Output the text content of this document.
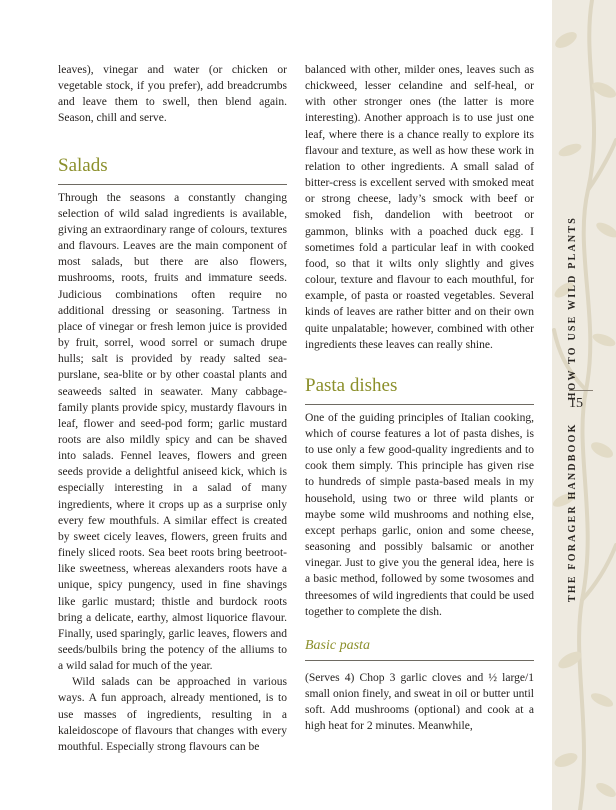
15
THE FORAGER HANDBOOKHOW TO USE WILD PLANTS

leaves), vinegar and water (or chicken or vegetable stock, if you prefer), add breadcrumbs and leave them to swell, then blend again. Season, chill and serve.

Salads

Through the seasons a constantly changing selection of wild salad ingredients is available, giving an extraordinary range of colours, textures and flavours. Leaves are the main component of most salads, but there are also flowers, mushrooms, roots, fruits and immature seeds. Judicious combinations often require no additional dressing or seasoning. Tartness in place of vinegar or fresh lemon juice is provided by fruit, sorrel, wood sorrel or sumach drupe hulls; salt is provided by ready salted sea-purslane, sea-blite or by other coastal plants and seaweeds salted in seawater. Many cabbage-family plants provide spicy, mustardy flavours in leaf, flower and seed-pod form; garlic mustard roots are also mildly spicy and can be shaved into salads. Fennel leaves, flowers and green seeds provide a delightful aniseed kick, which is especially interesting in a salad of many ingredients, where it crops up as a surprise only every few mouthfuls. A similar effect is created by sweet cicely leaves, flowers, green fruits and finely sliced roots. Sea beet roots bring beetroot-like sweetness, whereas alexanders roots have a unique, spicy pungency, used in fine shavings like garlic mustard; thistle and burdock roots bring a delicate, earthy, almost liquorice flavour. Finally, used sparingly, garlic leaves, flowers and seeds/bulbils bring the potency of the alliums to a wild salad for much of the year.

Wild salads can be approached in various ways. A fun approach, already mentioned, is to use masses of ingredients, resulting in a kaleidoscope of flavours that changes with every mouthful. Especially strong flavours can be

balanced with other, milder ones, leaves such as chickweed, lesser celandine and self-heal, or with other stronger ones (the latter is more interesting). Another approach is to use just one leaf, where there is a chance really to explore its flavour and texture, as well as how these work in relation to other ingredients. A small salad of bitter-cress is excellent served with smoked meat or strong cheese, lady’s smock with beef or smoked fish, dandelion with beetroot or gammon, blinks with a poached duck egg. I sometimes fold a particular leaf in with cooked food, so that it wilts only slightly and gives colour, texture and flavour to each mouthful, for example, of pasta or roasted vegetables. Several kinds of leaves are rather bitter and on their own quite unpalatable; however, combined with other ingredients these leaves can really shine.

Pasta dishes

One of the guiding principles of Italian cooking, which of course features a lot of pasta dishes, is to use only a few good-quality ingredients and to cook them simply. This principle has given rise to hundreds of simple pasta-based meals in my household, using two or three wild plants or maybe some wild mushrooms and nothing else, except perhaps garlic, onion and some cheese, seasoning and possibly balsamic or another vinegar. Just to give you the general idea, here is a basic method, followed by some twosomes and threesomes of wild ingredients that could be used together to complete the dish.

Basic pasta

(Serves 4) Chop 3 garlic cloves and ½ large/1 small onion finely, and sweat in oil or butter until soft. Add mushrooms (optional) and cook at a high heat for 2 minutes. Meanwhile,
